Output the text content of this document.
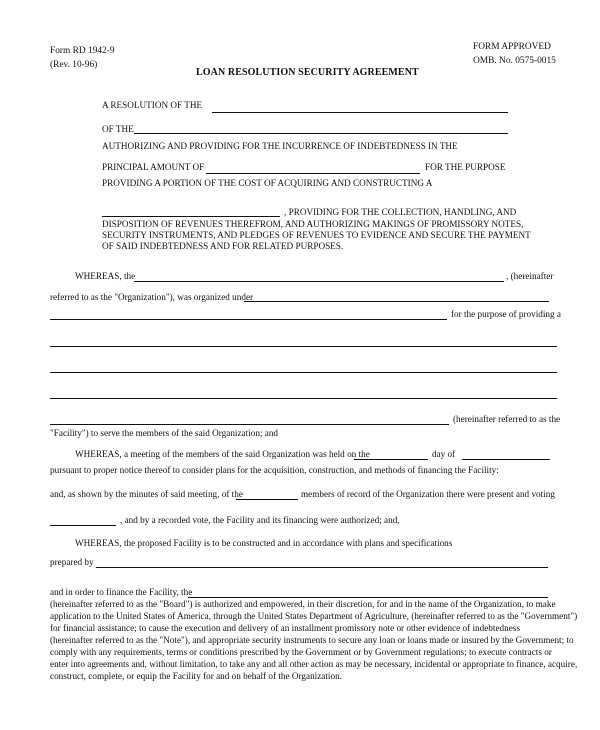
Form RD 1942-9
(Rev. 10-96)
FORM APPROVED
OMB. No. 0575-0015
LOAN RESOLUTION SECURITY AGREEMENT
A RESOLUTION OF THE
OF THE
AUTHORIZING AND PROVIDING FOR THE INCURRENCE OF INDEBTEDNESS IN THE
PRINCIPAL AMOUNT OF	FOR THE PURPOSE
PROVIDING A PORTION OF THE COST OF ACQUIRING AND CONSTRUCTING A
, PROVIDING FOR THE COLLECTION, HANDLING, AND
DISPOSITION OF REVENUES THEREFROM, AND AUTHORIZING MAKINGS OF PROMISSORY NOTES,
SECURITY INSTRUMENTS, AND PLEDGES OF REVENUES TO EVIDENCE AND SECURE THE PAYMENT
OF SAID INDEBTEDNESS AND FOR RELATED PURPOSES.
WHEREAS, the	, (hereinafter
referred to as the "Organization"), was organized under
for the purpose of providing a
(hereinafter referred to as the
"Facility") to serve the members of the said Organization; and
WHEREAS, a meeting of the members of the said Organization was held on the	day of
pursuant to proper notice thereof to consider plans for the acquisition, construction, and methods of financing the Facility:
and, as shown by the minutes of said meeting, of the	members of record of the Organization there were present and voting
, and by a recorded vote, the Facility and its financing were authorized; and,
WHEREAS, the proposed Facility is to be constructed and in accordance with plans and specifications
prepared by
and in order to finance the Facility, the
(hereinafter referred to as the "Board") is authorized and empowered, in their discretion, for and in the name of the Organization, to make
application to the United States of America, through the United States Department of Agriculture, (hereinafter referred to as the "Government")
for financial assistance; to cause the execution and delivery of an installment promissory note or other evidence of indebtedness
(hereinafter referred to as the "Note"), and appropriate security instruments to secure any loan or loans made or insured by the Government; to
comply with any requirements, terms or conditions prescribed by the Government or by Government regulations; to execute contracts or
enter into agreements and, without limitation, to take any and all other action as may be necessary, incidental or appropriate to finance, acquire,
construct, complete, or equip the Facility for and on behalf of the Organization.
